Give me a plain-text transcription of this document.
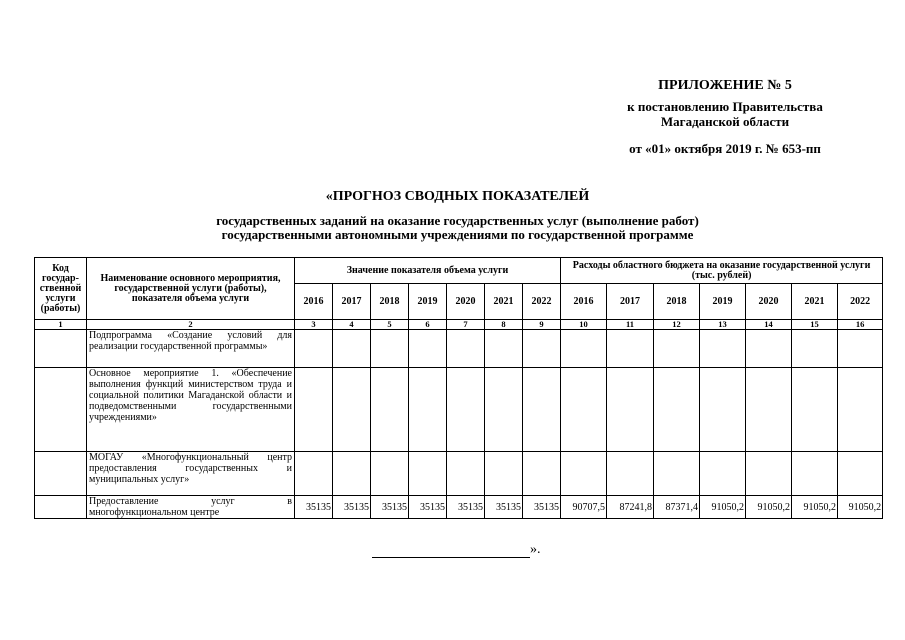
ПРИЛОЖЕНИЕ № 5
к постановлению Правительства
Магаданской области
от «01» октября 2019 г. № 653-пп
«ПРОГНОЗ СВОДНЫХ ПОКАЗАТЕЛЕЙ
государственных заданий на оказание государственных услуг (выполнение работ)
государственными автономными учреждениями по государственной программе
Код государ-ственной услуги (работы)	Наименование основного мероприятия, государственной услуги (работы), показателя объема услуги	Значение показателя объема услуги							Расходы областного бюджета на оказание государственной услуги (тыс. рублей)						
		2016	2017	2018	2019	2020	2021	2022	2016	2017	2018	2019	2020	2021	2022
1	2	3	4	5	6	7	8	9	10	11	12	13	14	15	16
	Подпрограмма «Создание условий для реализации государственной программы»														
	Основное мероприятие 1. «Обеспечение выполнения функций министерством труда и социальной политики Магаданской области и подведомственными государственными учреждениями»														
	МОГАУ «Многофункциональный центр предоставления государственных и муниципальных услуг»														
	Предоставление услуг в многофункциональном центре	35135	35135	35135	35135	35135	35135	35135	90707,5	87241,8	87371,4	91050,2	91050,2	91050,2	91050,2
».
